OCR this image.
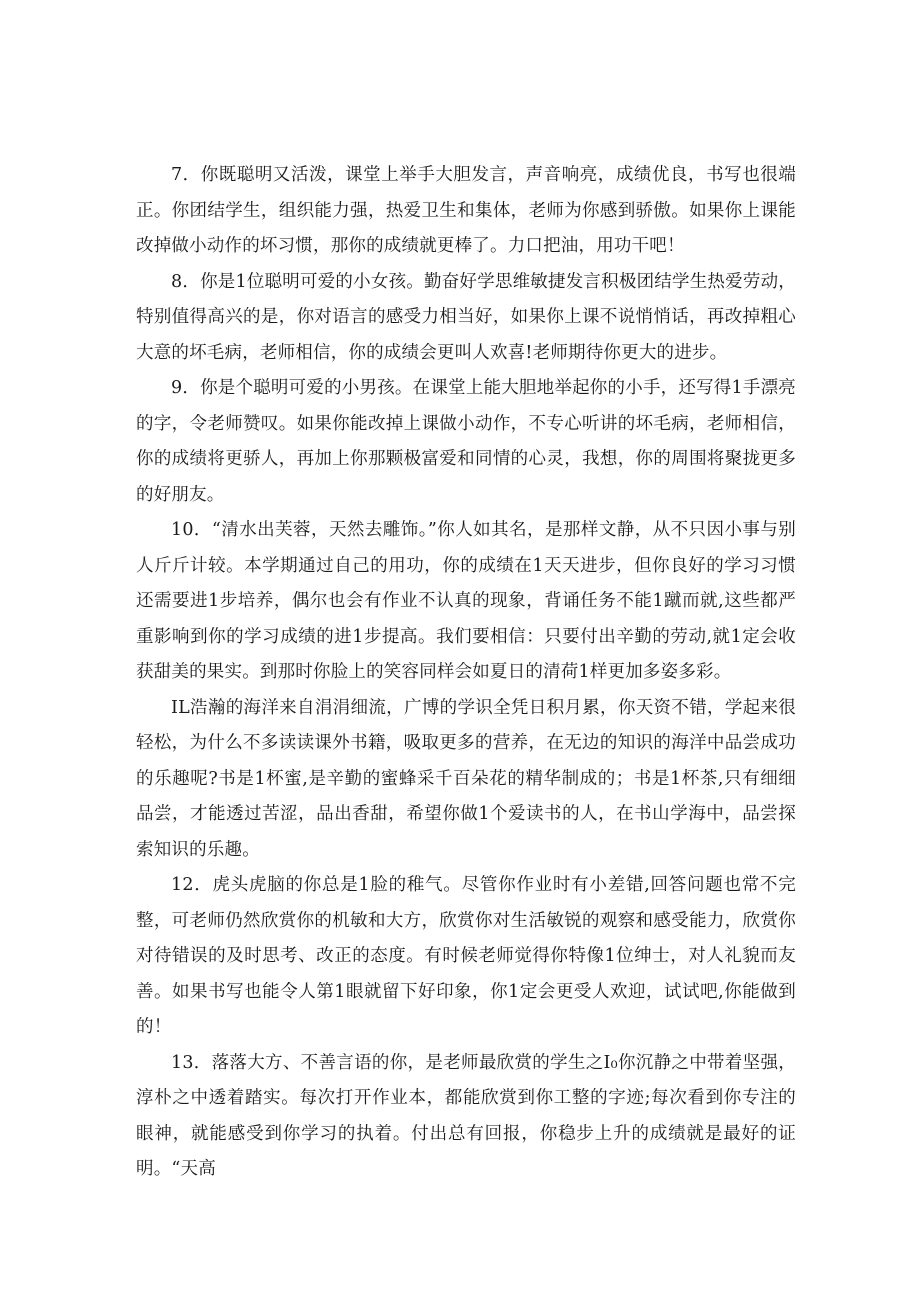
7．你既聪明又活泼，课堂上举手大胆发言，声音响亮，成绩优良，书写也很端正。你团结学生，组织能力强，热爱卫生和集体，老师为你感到骄傲。如果你上课能改掉做小动作的坏习惯，那你的成绩就更棒了。力口把油，用功干吧！

8．你是1位聪明可爱的小女孩。勤奋好学思维敏捷发言积极团结学生热爱劳动，特别值得高兴的是，你对语言的感受力相当好，如果你上课不说悄悄话，再改掉粗心大意的坏毛病，老师相信，你的成绩会更叫人欢喜!老师期待你更大的进步。

9．你是个聪明可爱的小男孩。在课堂上能大胆地举起你的小手，还写得1手漂亮的字，令老师赞叹。如果你能改掉上课做小动作，不专心听讲的坏毛病，老师相信，你的成绩将更骄人，再加上你那颗极富爱和同情的心灵，我想，你的周围将聚拢更多的好朋友。

10．“清水出芙蓉，天然去雕饰。”你人如其名，是那样文静，从不只因小事与别人斤斤计较。本学期通过自己的用功，你的成绩在1天天进步，但你良好的学习习惯还需要进1步培养，偶尔也会有作业不认真的现象，背诵任务不能1蹴而就,这些都严重影响到你的学习成绩的进1步提高。我们要相信：只要付出辛勤的劳动,就1定会收获甜美的果实。到那时你脸上的笑容同样会如夏日的清荷1样更加多姿多彩。

IL浩瀚的海洋来自涓涓细流，广博的学识全凭日积月累，你天资不错，学起来很轻松，为什么不多读读课外书籍，吸取更多的营养，在无边的知识的海洋中品尝成功的乐趣呢?书是1杯蜜,是辛勤的蜜蜂采千百朵花的精华制成的；书是1杯茶,只有细细品尝，才能透过苦涩，品出香甜，希望你做1个爱读书的人，在书山学海中，品尝探索知识的乐趣。

12．虎头虎脑的你总是1脸的稚气。尽管你作业时有小差错,回答问题也常不完整，可老师仍然欣赏你的机敏和大方，欣赏你对生活敏锐的观察和感受能力，欣赏你对待错误的及时思考、改正的态度。有时候老师觉得你特像1位绅士，对人礼貌而友善。如果书写也能令人第1眼就留下好印象，你1定会更受人欢迎，试试吧,你能做到的！

13．落落大方、不善言语的你，是老师最欣赏的学生之I₀你沉静之中带着坚强，淳朴之中透着踏实。每次打开作业本，都能欣赏到你工整的字迹;每次看到你专注的眼神，就能感受到你学习的执着。付出总有回报，你稳步上升的成绩就是最好的证明。“天高
